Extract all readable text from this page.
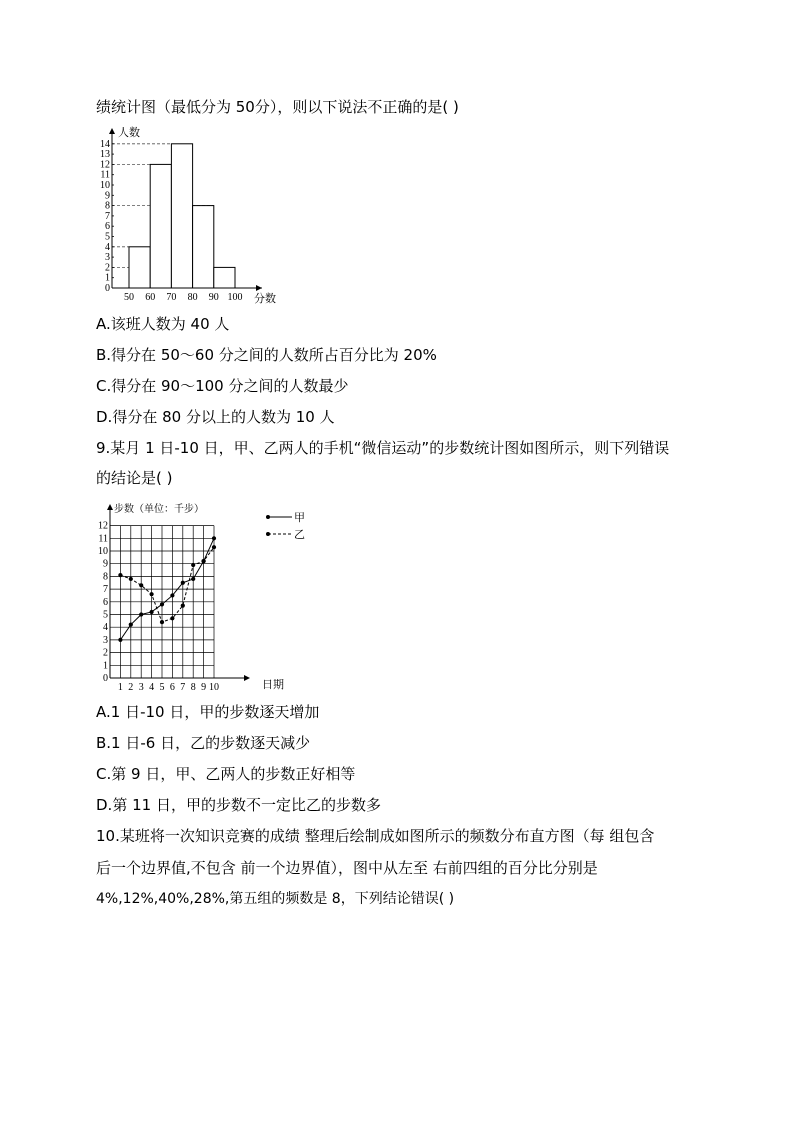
绩统计图（最低分为 50分），则以下说法不正确的是( )
0
1
2
3
4
5
6
7
8
9
10
11
12
13
14
50 60 70 80 90 100
人数
分数
A.该班人数为 40 人
B.得分在 50～60 分之间的人数所占百分比为 20%
C.得分在 90～100 分之间的人数最少
D.得分在 80 分以上的人数为 10 人
9.某月 1 日-10 日，甲、乙两人的手机“微信运动”的步数统计图如图所示，则下列错误
的结论是( )
0
1
2
3
4
5
6
7
8
9
10
11
12
1 2 3 4 5 6 7 8 9 10
步数（单位：千步）
日期
甲
乙
A.1 日-10 日，甲的步数逐天增加
B.1 日-6 日，乙的步数逐天减少
C.第 9 日，甲、乙两人的步数正好相等
D.第 11 日，甲的步数不一定比乙的步数多
10.某班将一次知识竞赛的成绩 整理后绘制成如图所示的频数分布直方图（每 组包含
后一个边界值,不包含 前一个边界值），图中从左至 右前四组的百分比分别是
4%,12%,40%,28%,第五组的频数是 8，下列结论错误( )
